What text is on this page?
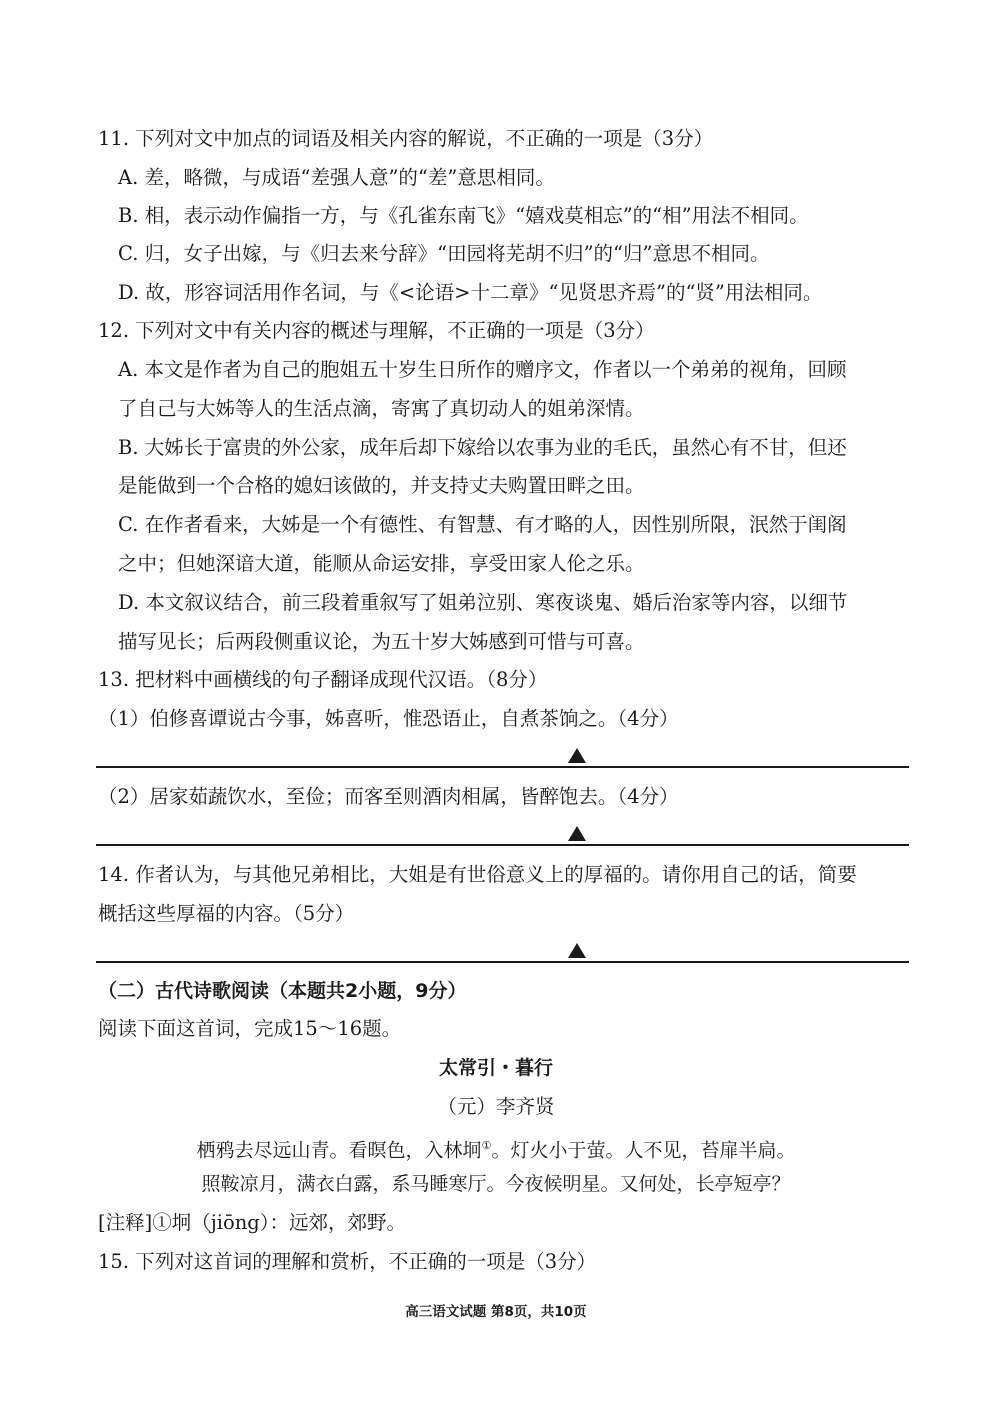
11. 下列对文中加点的词语及相关内容的解说，不正确的一项是（3分）
A. 差，略微，与成语“差强人意”的“差”意思相同。
B. 相，表示动作偏指一方，与《孔雀东南飞》“嬉戏莫相忘”的“相”用法不相同。
C. 归，女子出嫁，与《归去来兮辞》“田园将芜胡不归”的“归”意思不相同。
D. 故，形容词活用作名词，与《<论语>十二章》“见贤思齐焉”的“贤”用法相同。
12. 下列对文中有关内容的概述与理解，不正确的一项是（3分）
A. 本文是作者为自己的胞姐五十岁生日所作的赠序文，作者以一个弟弟的视角，回顾
了自己与大姊等人的生活点滴，寄寓了真切动人的姐弟深情。
B. 大姊长于富贵的外公家，成年后却下嫁给以农事为业的毛氏，虽然心有不甘，但还
是能做到一个合格的媳妇该做的，并支持丈夫购置田畔之田。
C. 在作者看来，大姊是一个有德性、有智慧、有才略的人，因性别所限，泯然于闺阁
之中；但她深谙大道，能顺从命运安排，享受田家人伦之乐。
D. 本文叙议结合，前三段着重叙写了姐弟泣别、寒夜谈鬼、婚后治家等内容，以细节
描写见长；后两段侧重议论，为五十岁大姊感到可惜与可喜。
13. 把材料中画横线的句子翻译成现代汉语。（8分）
（1）伯修喜谭说古今事，姊喜听，惟恐语止，自煮茶饷之。（4分）
（2）居家茹蔬饮水，至俭；而客至则酒肉相属，皆醉饱去。（4分）
14. 作者认为，与其他兄弟相比，大姐是有世俗意义上的厚福的。请你用自己的话，简要
概括这些厚福的内容。（5分）
（二）古代诗歌阅读（本题共2小题，9分）
阅读下面这首词，完成15～16题。
太常引・暮行
（元）李齐贤
栖鸦去尽远山青。看暝色，入林坰①。灯火小于萤。人不见，苔扉半扃。
照鞍凉月，满衣白露，系马睡寒厅。今夜候明星。又何处，长亭短亭？
[注释]①坰（jiōng）：远郊，郊野。
15. 下列对这首词的理解和赏析，不正确的一项是（3分）
高三语文试题 第8页，共10页
